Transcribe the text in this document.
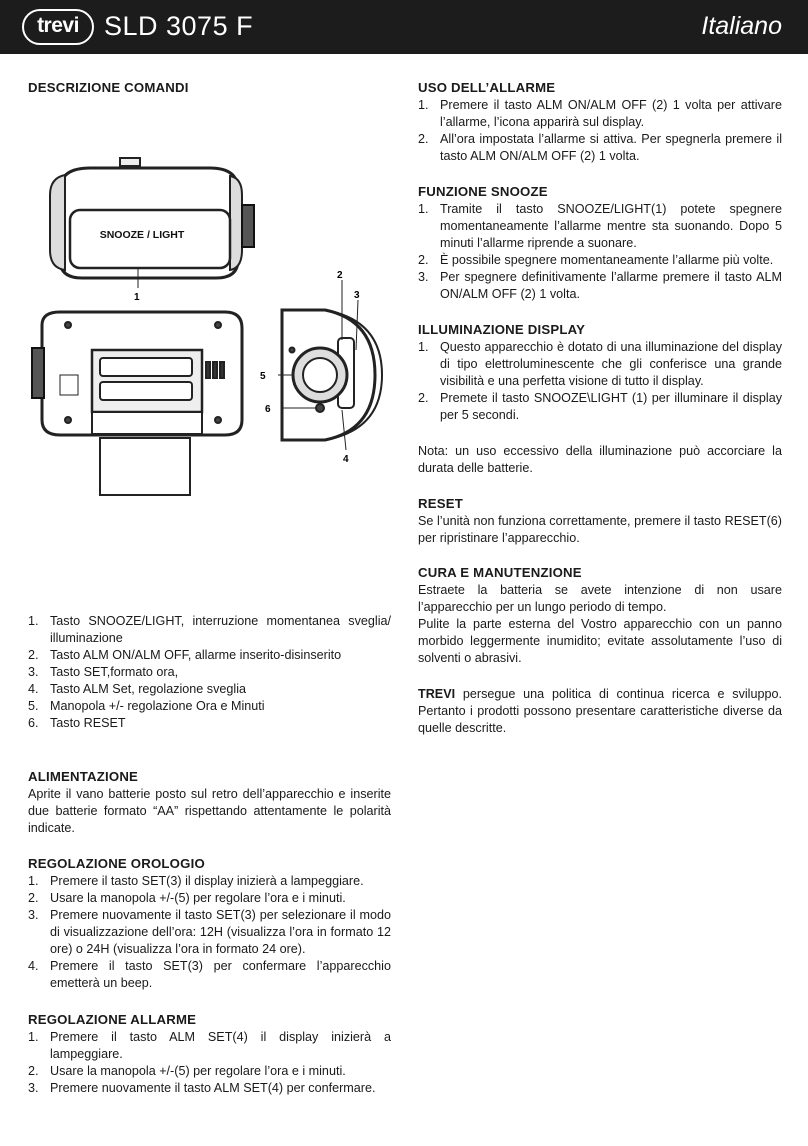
trevi SLD 3075 F	Italiano
DESCRIZIONE COMANDI
SNOOZE / LIGHT
1
5
6
2
3
4
1. Tasto SNOOZE/LIGHT, interruzione momentanea sveglia/ illuminazione
2. Tasto ALM ON/ALM OFF, allarme inserito-disinserito
3. Tasto SET,formato ora,
4. Tasto ALM Set, regolazione sveglia
5. Manopola +/- regolazione Ora e Minuti
6. Tasto RESET
ALIMENTAZIONE

Aprite il vano batterie posto sul retro dell’apparecchio e inserite due batterie formato “AA” rispettando attentamente le polarità indicate.

REGOLAZIONE OROLOGIO
1. Premere il tasto SET(3) il display inizierà a lampeggiare.
2. Usare la manopola +/-(5) per regolare l’ora e i minuti.
3. Premere nuovamente il tasto SET(3) per selezionare il modo di visualizzazione dell’ora: 12H (visualizza l’ora in formato 12 ore) o 24H (visualizza l’ora in formato 24 ore).
4. Premere il tasto SET(3) per confermare l’apparecchio emetterà un beep.
REGOLAZIONE ALLARME
1. Premere il tasto ALM SET(4) il display inizierà a lampeggiare.
2. Usare la manopola +/-(5) per regolare l’ora e i minuti.
3. Premere nuovamente il tasto ALM SET(4) per confermare.
USO DELL’ALLARME
1. Premere il tasto ALM ON/ALM OFF (2) 1 volta per attivare l’allarme, l’icona apparirà sul display.
2. All’ora impostata l’allarme si attiva. Per spegnerla premere il tasto ALM ON/ALM OFF (2) 1 volta.
FUNZIONE SNOOZE
1. Tramite il tasto SNOOZE/LIGHT(1) potete spegnere momentaneamente l’allarme mentre sta suonando. Dopo 5 minuti l’allarme riprende a suonare.
2. È possibile spegnere momentaneamente l’allarme più volte.
3. Per spegnere definitivamente l’allarme premere il tasto ALM ON/ALM OFF (2) 1 volta.
ILLUMINAZIONE DISPLAY
1. Questo apparecchio è dotato di una illuminazione del display di tipo elettroluminescente che gli conferisce una grande visibilità e una perfetta visione di tutto il display.
2. Premete il tasto SNOOZE\LIGHT (1) per illuminare il display per 5 secondi.

Nota: un uso eccessivo della illuminazione può accorciare la durata delle batterie.

RESET

Se l’unità non funziona correttamente, premere il tasto RESET(6) per ripristinare l’apparecchio.

CURA E MANUTENZIONE

Estraete la batteria se avete intenzione di non usare l’apparecchio per un lungo periodo di tempo.

Pulite la parte esterna del Vostro apparecchio con un panno morbido leggermente inumidito; evitate assolutamente l’uso di solventi o abrasivi.

TREVI persegue una politica di continua ricerca e sviluppo. Pertanto i prodotti possono presentare caratteristiche diverse da quelle descritte.
